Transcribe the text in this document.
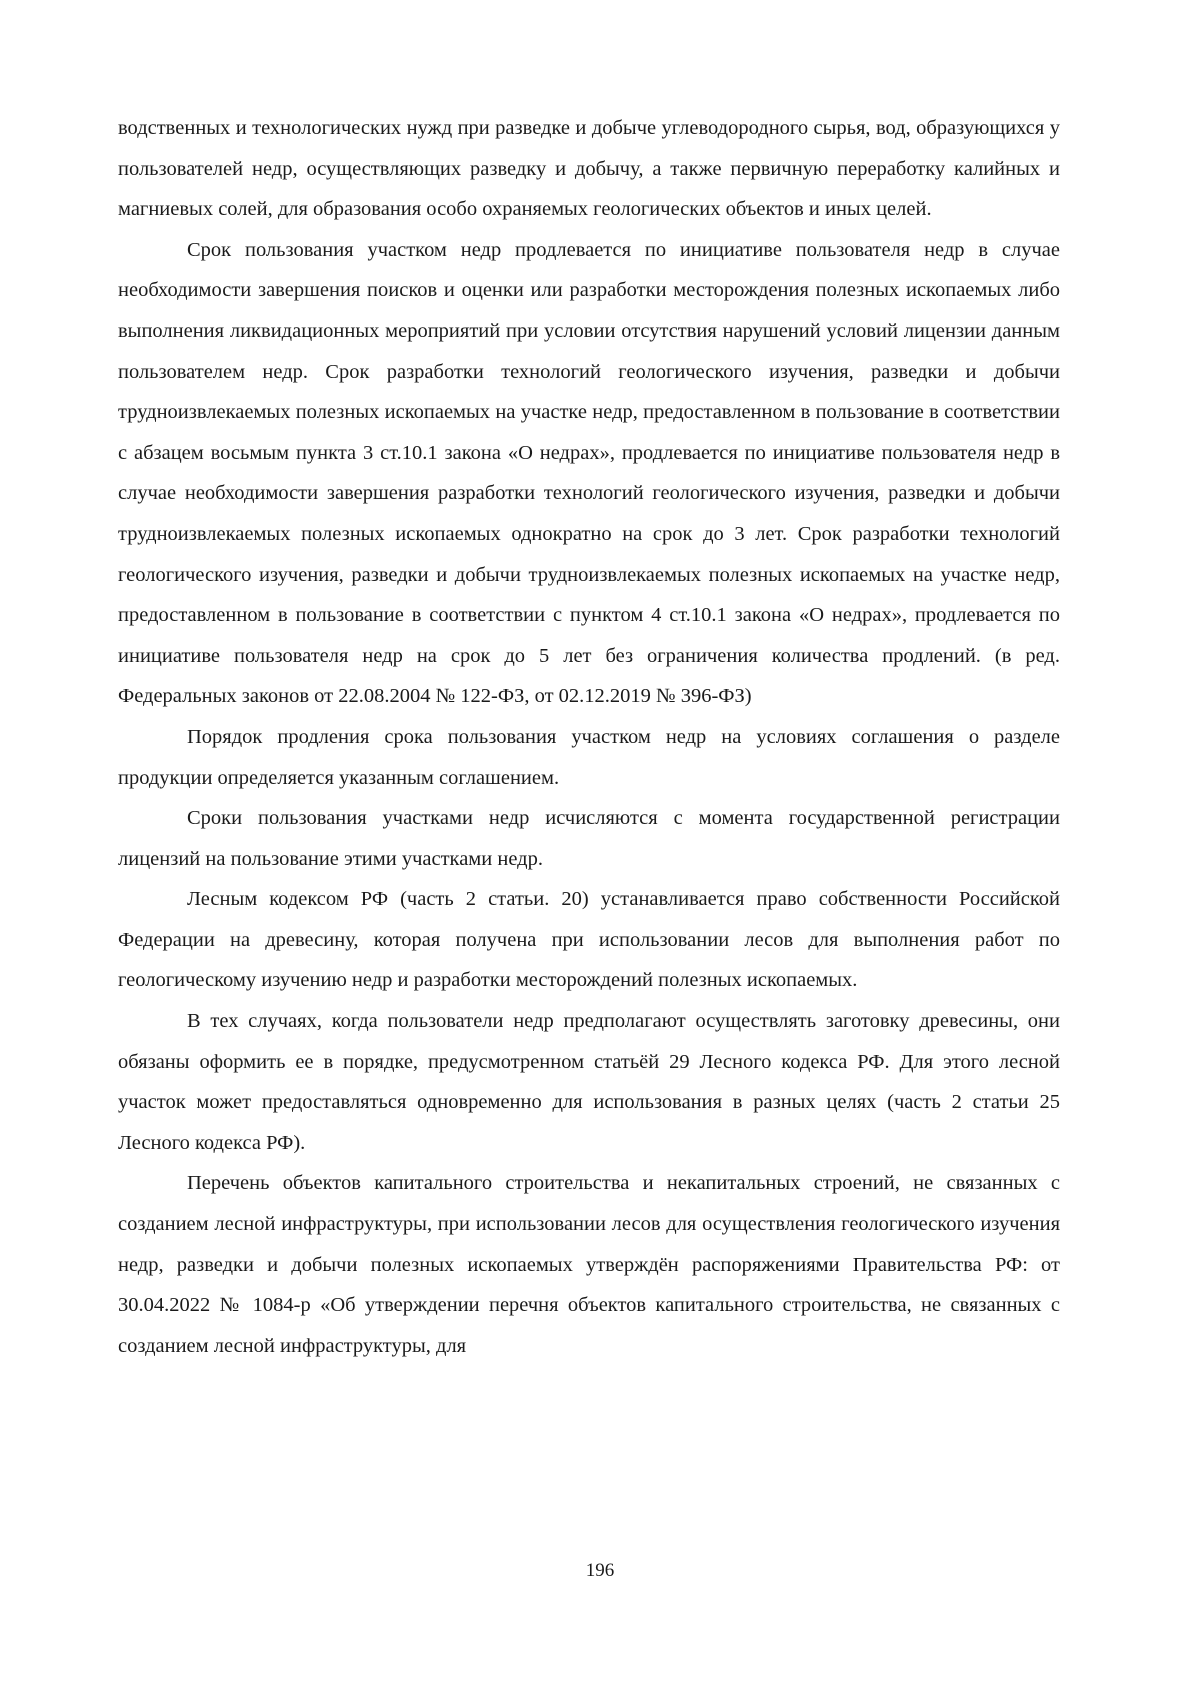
водственных и технологических нужд при разведке и добыче углеводородного сырья, вод, образующихся у пользователей недр, осуществляющих разведку и добычу, а также первичную переработку калийных и магниевых солей, для образования особо охраняемых геологических объектов и иных целей.

Срок пользования участком недр продлевается по инициативе пользователя недр в случае необходимости завершения поисков и оценки или разработки месторождения полезных ископаемых либо выполнения ликвидационных мероприятий при условии отсутствия нарушений условий лицензии данным пользователем недр. Срок разработки технологий геологического изучения, разведки и добычи трудноизвлекаемых полезных ископаемых на участке недр, предоставленном в пользование в соответствии с абзацем восьмым пункта 3 ст.10.1 закона «О недрах», продлевается по инициативе пользователя недр в случае необходимости завершения разработки технологий геологического изучения, разведки и добычи трудноизвлекаемых полезных ископаемых однократно на срок до 3 лет. Срок разработки технологий геологического изучения, разведки и добычи трудноизвлекаемых полезных ископаемых на участке недр, предоставленном в пользование в соответствии с пунктом 4 ст.10.1 закона «О недрах», продлевается по инициативе пользователя недр на срок до 5 лет без ограничения количества продлений. (в ред. Федеральных законов от 22.08.2004 № 122-ФЗ, от 02.12.2019 № 396-ФЗ)

Порядок продления срока пользования участком недр на условиях соглашения о разделе продукции определяется указанным соглашением.

Сроки пользования участками недр исчисляются с момента государственной регистрации лицензий на пользование этими участками недр.

Лесным кодексом РФ (часть 2 статьи. 20) устанавливается право собственности Российской Федерации на древесину, которая получена при использовании лесов для выполнения работ по геологическому изучению недр и разработки месторождений полезных ископаемых.

В тех случаях, когда пользователи недр предполагают осуществлять заготовку древесины, они обязаны оформить ее в порядке, предусмотренном статьёй 29 Лесного кодекса РФ. Для этого лесной участок может предоставляться одновременно для использования в разных целях (часть 2 статьи 25 Лесного кодекса РФ).

Перечень объектов капитального строительства и некапитальных строений, не связанных с созданием лесной инфраструктуры, при использовании лесов для осуществления геологического изучения недр, разведки и добычи полезных ископаемых утверждён распоряжениями Правительства РФ: от 30.04.2022 № 1084-р «Об утверждении перечня объектов капитального строительства, не связанных с созданием лесной инфраструктуры, для

196
